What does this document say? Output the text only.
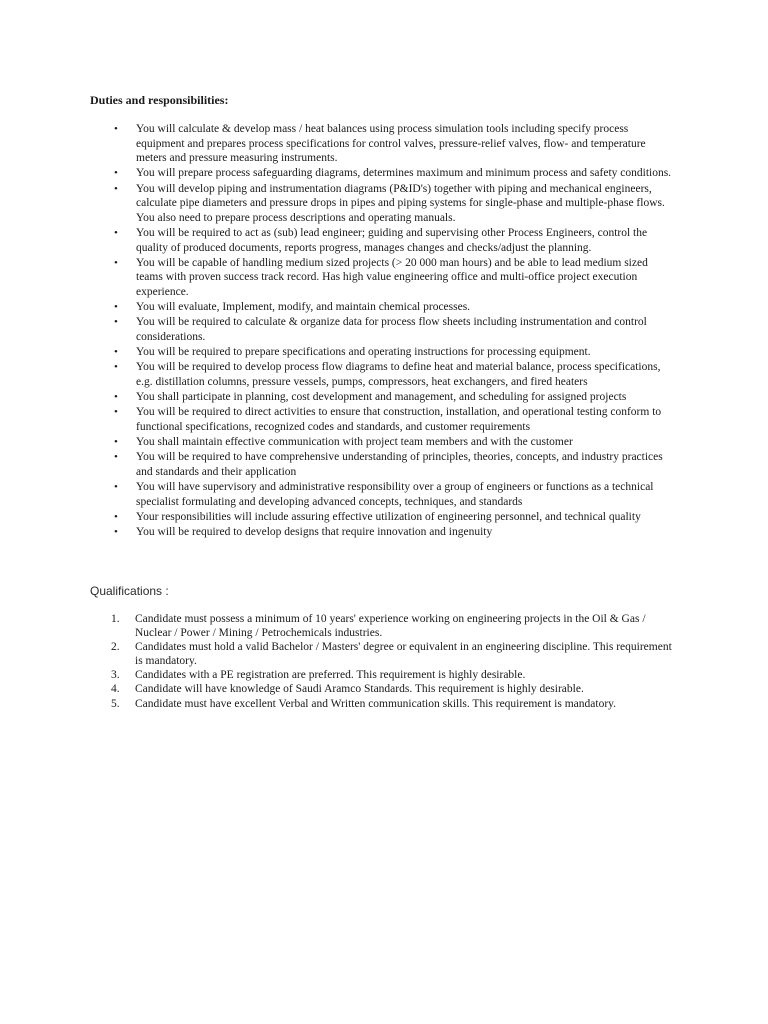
Duties and responsibilities:
• You will calculate & develop mass / heat balances using process simulation tools including specify process equipment and prepares process specifications for control valves, pressure-relief valves, flow- and temperature meters and pressure measuring instruments.
• You will prepare process safeguarding diagrams, determines maximum and minimum process and safety conditions.
• You will develop piping and instrumentation diagrams (P&ID's) together with piping and mechanical engineers, calculate pipe diameters and pressure drops in pipes and piping systems for single-phase and multiple-phase flows. You also need to prepare process descriptions and operating manuals.
• You will be required to act as (sub) lead engineer; guiding and supervising other Process Engineers, control the quality of produced documents, reports progress, manages changes and checks/adjust the planning.
• You will be capable of handling medium sized projects (> 20 000 man hours) and be able to lead medium sized teams with proven success track record. Has high value engineering office and multi-office project execution experience.
• You will evaluate, Implement, modify, and maintain chemical processes.
• You will be required to calculate & organize data for process flow sheets including instrumentation and control considerations.
• You will be required to prepare specifications and operating instructions for processing equipment.
• You will be required to develop process flow diagrams to define heat and material balance, process specifications, e.g. distillation columns, pressure vessels, pumps, compressors, heat exchangers, and fired heaters
• You shall participate in planning, cost development and management, and scheduling for assigned projects
• You will be required to direct activities to ensure that construction, installation, and operational testing conform to functional specifications, recognized codes and standards, and customer requirements
• You shall maintain effective communication with project team members and with the customer
• You will be required to have comprehensive understanding of principles, theories, concepts, and industry practices and standards and their application
• You will have supervisory and administrative responsibility over a group of engineers or functions as a technical specialist formulating and developing advanced concepts, techniques, and standards
• Your responsibilities will include assuring effective utilization of engineering personnel, and technical quality
• You will be required to develop designs that require innovation and ingenuity
Qualifications :
1. Candidate must possess a minimum of 10 years' experience working on engineering projects in the Oil & Gas / Nuclear / Power / Mining / Petrochemicals industries.
2. Candidates must hold a valid Bachelor / Masters' degree or equivalent in an engineering discipline. This requirement is mandatory.
3. Candidates with a PE registration are preferred. This requirement is highly desirable.
4. Candidate will have knowledge of Saudi Aramco Standards. This requirement is highly desirable.
5. Candidate must have excellent Verbal and Written communication skills. This requirement is mandatory.
